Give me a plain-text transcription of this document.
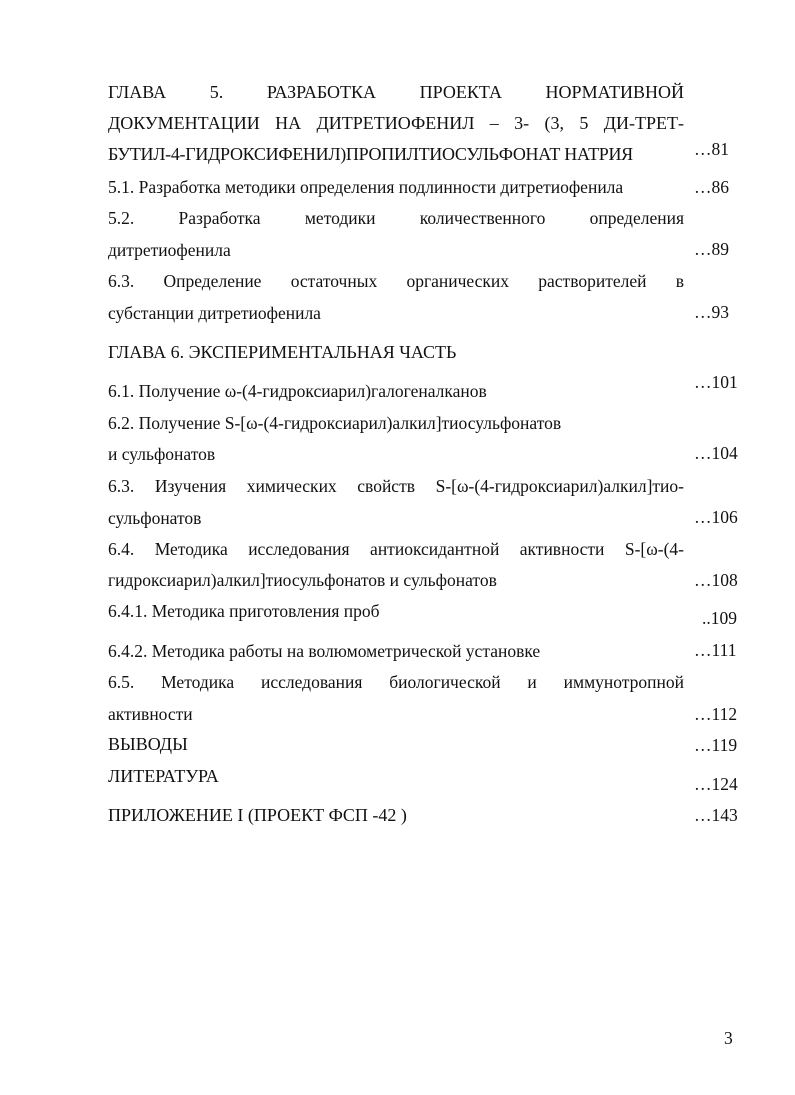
ГЛАВА 5. РАЗРАБОТКА ПРОЕКТА НОРМАТИВНОЙ
ДОКУМЕНТАЦИИ НА ДИТРЕТИОФЕНИЛ – 3- (3, 5 ДИ-ТРЕТ-
БУТИЛ-4-ГИДРОКСИФЕНИЛ)ПРОПИЛТИОСУЛЬФОНАТ НАТРИЯ	…81
5.1. Разработка методики определения подлинности дитретиофенила	…86
5.2. Разработка методики количественного определения
дитретиофенила	…89
6.3. Определение остаточных органических растворителей в
субстанции дитретиофенила	…93
ГЛАВА 6. ЭКСПЕРИМЕНТАЛЬНАЯ ЧАСТЬ
6.1. Получение ω-(4-гидроксиарил)галогеналканов	…101
6.2. Получение S-[ω-(4-гидроксиарил)алкил]тиосульфонатов
и сульфонатов	…104
6.3. Изучения химических свойств S-[ω-(4-гидроксиарил)алкил]тио-
сульфонатов	…106
6.4. Методика исследования антиоксидантной активности S-[ω-(4-
гидроксиарил)алкил]тиосульфонатов и сульфонатов	…108
6.4.1. Методика приготовления проб	..109
6.4.2. Методика работы на волюмометрической установке	…111
6.5. Методика исследования биологической и иммунотропной
активности	…112
ВЫВОДЫ	…119
ЛИТЕРАТУРА	…124
ПРИЛОЖЕНИЕ I (ПРОЕКТ ФСП -42 )	…143
3
